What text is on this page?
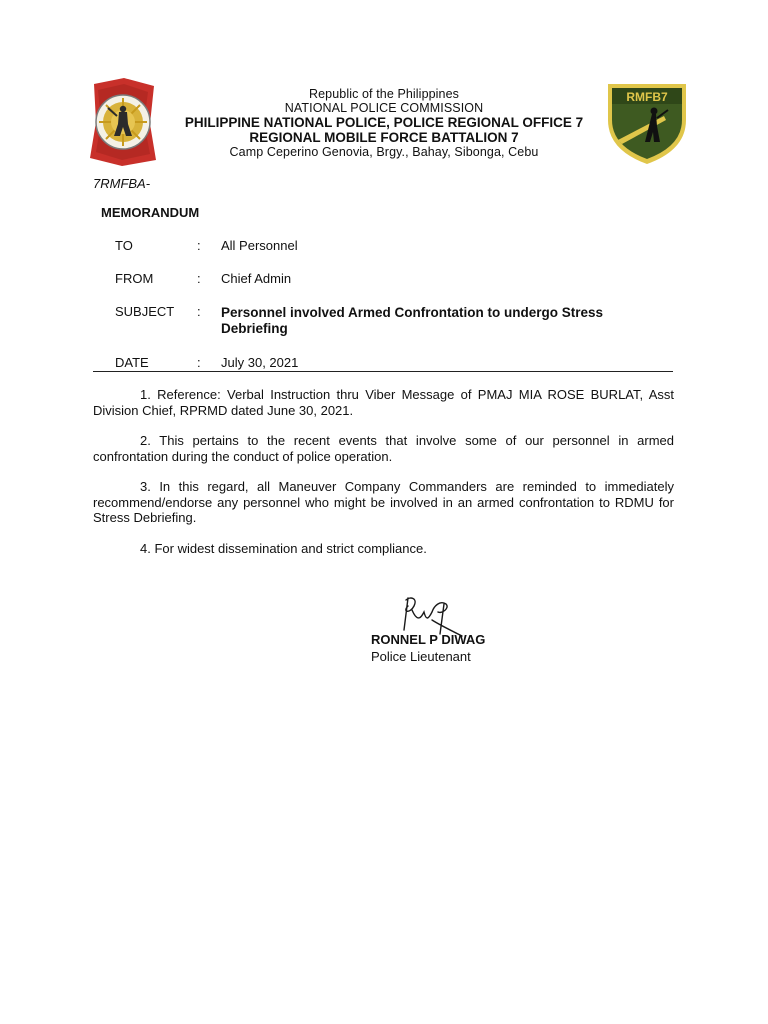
RMFB7
Republic of the Philippines
NATIONAL POLICE COMMISSION
PHILIPPINE NATIONAL POLICE, POLICE REGIONAL OFFICE 7
REGIONAL MOBILE FORCE BATTALION 7
Camp Ceperino Genovia, Brgy., Bahay, Sibonga, Cebu
7RMFBA-
MEMORANDUM
TO	: All Personnel
FROM	: Chief Admin
SUBJECT : Personnel involved Armed Confrontation to undergo Stress Debriefing
DATE	: July 30, 2021
1. Reference: Verbal Instruction thru Viber Message of PMAJ MIA ROSE BURLAT, Asst Division Chief, RPRMD dated June 30, 2021.
2. This pertains to the recent events that involve some of our personnel in armed confrontation during the conduct of police operation.
3. In this regard, all Maneuver Company Commanders are reminded to immediately recommend/endorse any personnel who might be involved in an armed confrontation to RDMU for Stress Debriefing.
4. For widest dissemination and strict compliance.
RONNEL P DIWAG
Police Lieutenant
